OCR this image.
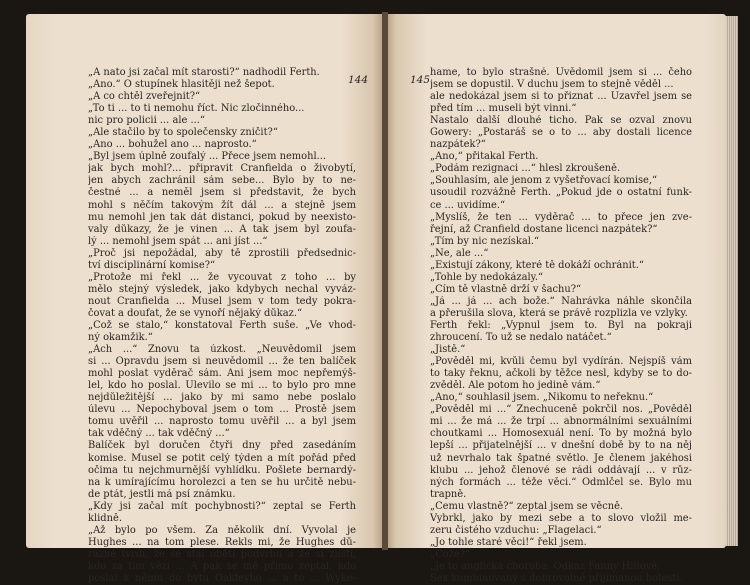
144
„A nato jsi začal mít starosti?“ nadhodil Ferth.
„Ano.“ O stupínek hlasitěji než šepot.
„A co chtěl zveřejnit?“
„To ti ... to ti nemohu říct. Nic zločinného...
nic pro policii ... ale ...“
„Ale stačilo by to společensky zničit?“
„Ano ... bohužel ano ... naprosto.“
„Byl jsem úplně zoufalý ... Přece jsem nemohl...
jak bych mohl?... připravit Cranfielda o živobytí,
jen abych zachránil sám sebe... Bylo by to ne-
čestné ... a neměl jsem si představit, že bych
mohl s něčím takovým žít dál ... a stejně jsem
mu nemohl jen tak dát distanci, pokud by neexisto-
valy důkazy, že je vinen ... A tak jsem byl zoufa-
lý ... nemohl jsem spát ... ani jíst ...“
„Proč jsi nepožádal, aby tě zprostili předsednic-
tví disciplinární komise?“
„Protože mi řekl ... že vycouvat z toho ... by
mělo stejný výsledek, jako kdybych nechal vyváz-
nout Cranfielda ... Musel jsem v tom tedy pokra-
čovat a doufat, že se vynoří nějaký důkaz.“
„Což se stalo,“ konstatoval Ferth suše. „Ve vhod-
ný okamžik.“
„Ach ...“ Znovu ta úzkost. „Neuvědomil jsem
si ... Opravdu jsem si neuvědomil ... že ten balíček
mohl poslat vyděrač sám. Ani jsem moc nepřemýš-
lel, kdo ho poslal. Ulevilo se mi ... to bylo pro mne
nejdůležitější ... jako by mi samo nebe poslalo
úlevu ... Nepochyboval jsem o tom ... Prostě jsem
tomu uvěřil ... naprosto tomu uvěřil ... a byl jsem
tak vděčný ... tak vděčný ...“
Balíček byl doručen čtyři dny před zasedáním
komise. Musel se potit celý týden a mít pořád před
očima tu nejchmurnější vyhlídku. Pošlete bernardý-
na k umírajícímu horolezci a ten se hu určitě nebu-
de ptát, jestli má psí známku.
„Kdy jsi začal mít pochybnosti?“ zeptal se Ferth
klidně.
„Až bylo po všem. Za několik dní. Vyvolal je
Hughes ... na tom plese. Řekls mi, že Hughes dů-
razně tvrdí, že se stal obětí podvrhu a že si zjistí,
kdo za tím vězí ... A pak se mě přímo zeptal, kdo
poslal k němu do bytu Oakleyho ... a to ... Wyke-
145
hame, to bylo strašné. Uvědomil jsem si ... čeho
jsem se dopustil. V duchu jsem to stejně věděl ...
ale nedokázal jsem si to přiznat ... Uzavřel jsem se
před tím ... museli být vinni.“
Nastalo další dlouhé ticho. Pak se ozval znovu
Gowery: „Postaráš se o to ... aby dostali licence
nazpátek?“
„Ano,“ přitakal Ferth.
„Podám rezignaci ...“ hlesl zkroušeně.
„Souhlasím, ale jenom z vyšetřovací komise,“
usoudil rozvážně Ferth. „Pokud jde o ostatní funk-
ce ... uvidíme.“
„Myslíš, že ten ... vyděrač ... to přece jen zve-
řejní, až Cranfield dostane licenci nazpátek?“
„Tím by nic nezískal.“
„Ne, ale ...“
„Existují zákony, které tě dokáží ochránit.“
„Tohle by nedokázaly.“
„Čím tě vlastně drží v šachu?“
„Já ... já ... ach bože.“ Nahrávka náhle skončila
a přerušila slova, která se právě rozplizla ve vzlyky.
Ferth řekl: „Vypnul jsem to. Byl na pokraji
zhroucení. To už se nedalo natáčet.“
„Jistě.“
„Pověděl mi, kvůli čemu byl vydírán. Nejspíš vám
to taky řeknu, ačkoli by těžce nesl, kdyby se to do-
zvěděl. Ale potom ho jedině vám.“
„Ano,“ souhlasil jsem. „Nikomu to neřeknu.“
„Pověděl mi ...“ Znechuceně pokrčil nos. „Pověděl
mi ... že má ... že trpí ... abnormálními sexuálními
choutkami ... Homosexuál není. To by možná bylo
lepší ... přijatelnější ... v dnešní době by to na něj
už nevrhalo tak špatné světlo. Je členem jakéhosi
klubu ... jehož členové se rádi oddávají ... v růz-
ných formách ... téže věci.“ Odmlčel se. Bylo mu
trapně.
„Čemu vlastně?“ zeptal jsem se věcně.
Vybrkl, jako by mezi sebe a to slovo vložil me-
zeru čistého vzduchu: „Flagelaci.“
„Jo tohle staré věci!“ řekl jsem.
„Cože?“
„Je to anglická choroba. Odkaz Fanny Hillové.
Sex kombinovaný s dobrovolně přijímanou bolestí.
